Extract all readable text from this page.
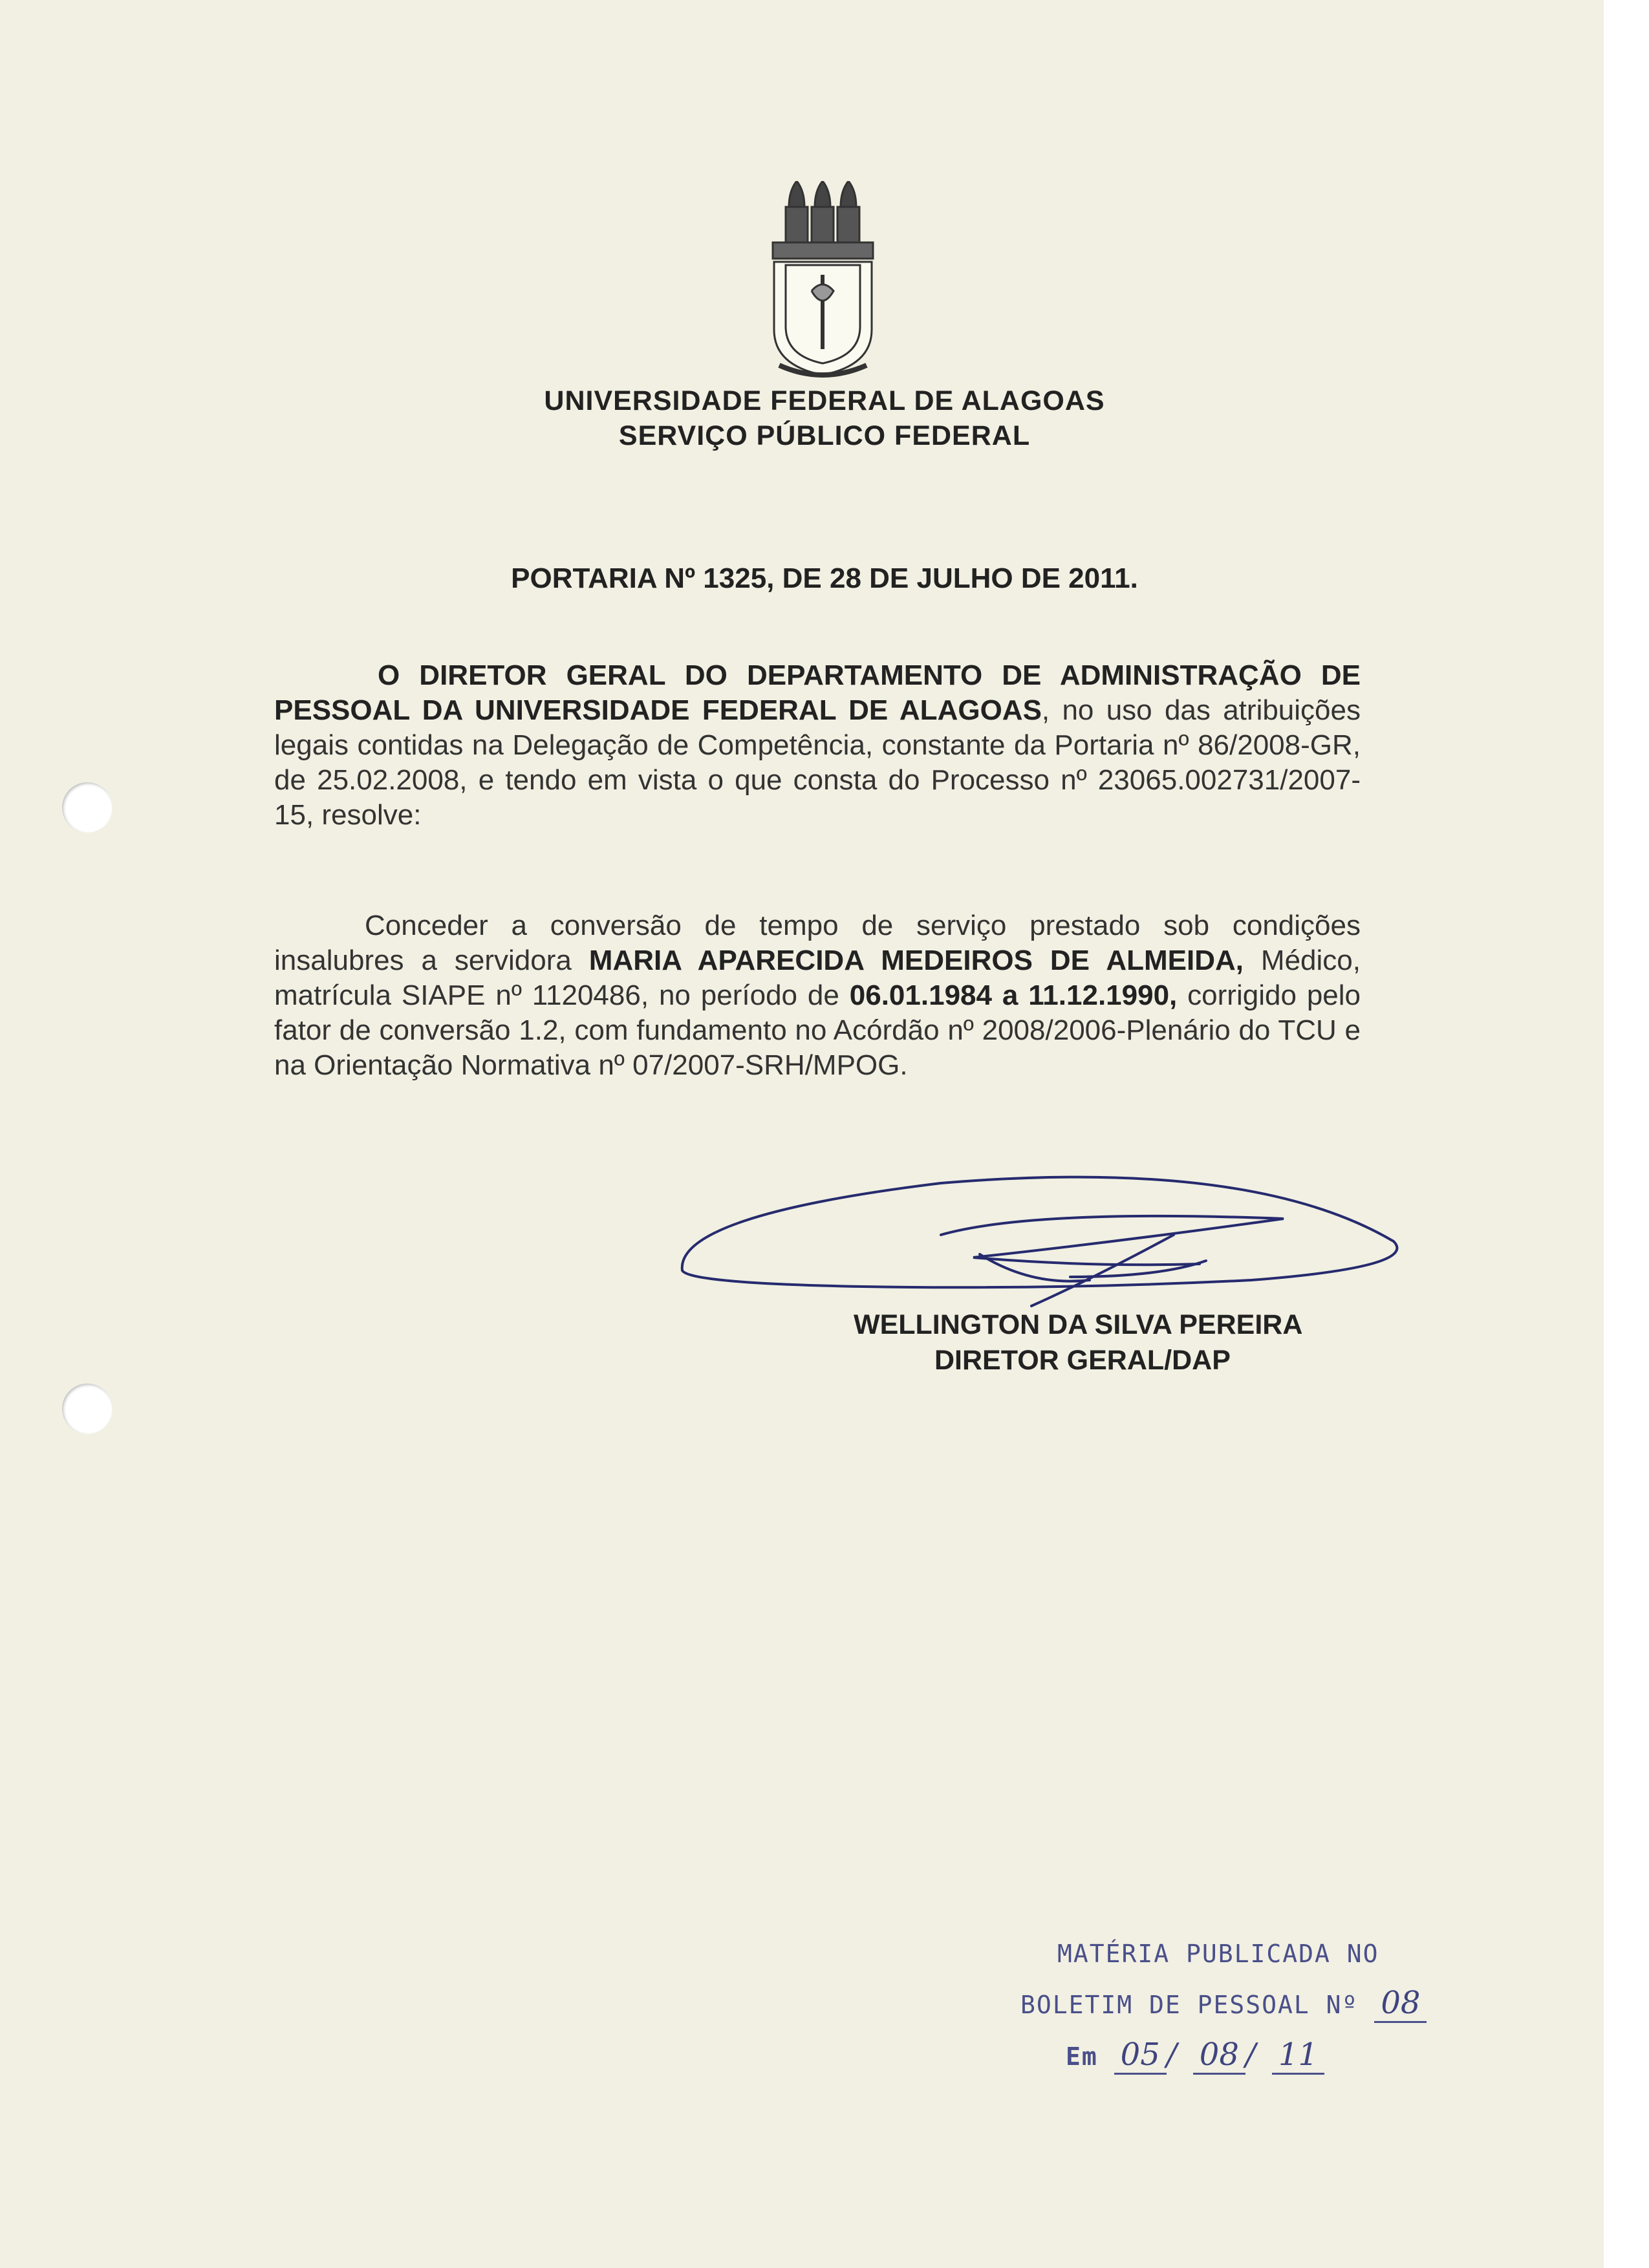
UNIVERSIDADE FEDERAL DE ALAGOAS
SERVIÇO PÚBLICO FEDERAL
PORTARIA Nº 1325, DE 28 DE JULHO DE 2011.
O DIRETOR GERAL DO DEPARTAMENTO DE ADMINISTRAÇÃO DE PESSOAL DA UNIVERSIDADE FEDERAL DE ALAGOAS, no uso das atribuições legais contidas na Delegação de Competência, constante da Portaria nº 86/2008-GR, de 25.02.2008, e tendo em vista o que consta do Processo nº 23065.002731/2007-15, resolve:
Conceder a conversão de tempo de serviço prestado sob condições insalubres a servidora MARIA APARECIDA MEDEIROS DE ALMEIDA, Médico, matrícula SIAPE nº 1120486, no período de 06.01.1984 a 11.12.1990, corrigido pelo fator de conversão 1.2, com fundamento no Acórdão nº 2008/2006-Plenário do TCU e na Orientação Normativa nº 07/2007-SRH/MPOG.
WELLINGTON DA SILVA PEREIRA
DIRETOR GERAL/DAP
MATÉRIA PUBLICADA NO
BOLETIM DE PESSOAL Nº 08
Em 05 / 08 / 11
